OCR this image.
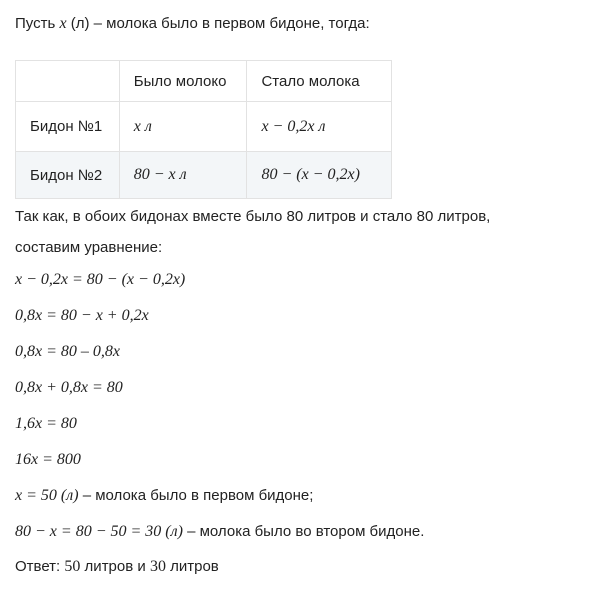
Пусть x (л) – молока было в первом бидоне, тогда:
	Было молоко	Стало молока
Бидон №1	x л	x − 0,2x л
Бидон №2	80 − x л	80 − (x − 0,2x)
Так как, в обоих бидонах вместе было 80 литров и стало 80 литров,
составим уравнение:
x − 0,2x = 80 − (x − 0,2x)
0,8x = 80 − x + 0,2x
0,8x = 80 – 0,8x
0,8x + 0,8x = 80
1,6x = 80
16x = 800
x = 50 (л) – молока было в первом бидоне;
80 − x = 80 − 50 = 30 (л) – молока было во втором бидоне.
Ответ: 50 литров и 30 литров
